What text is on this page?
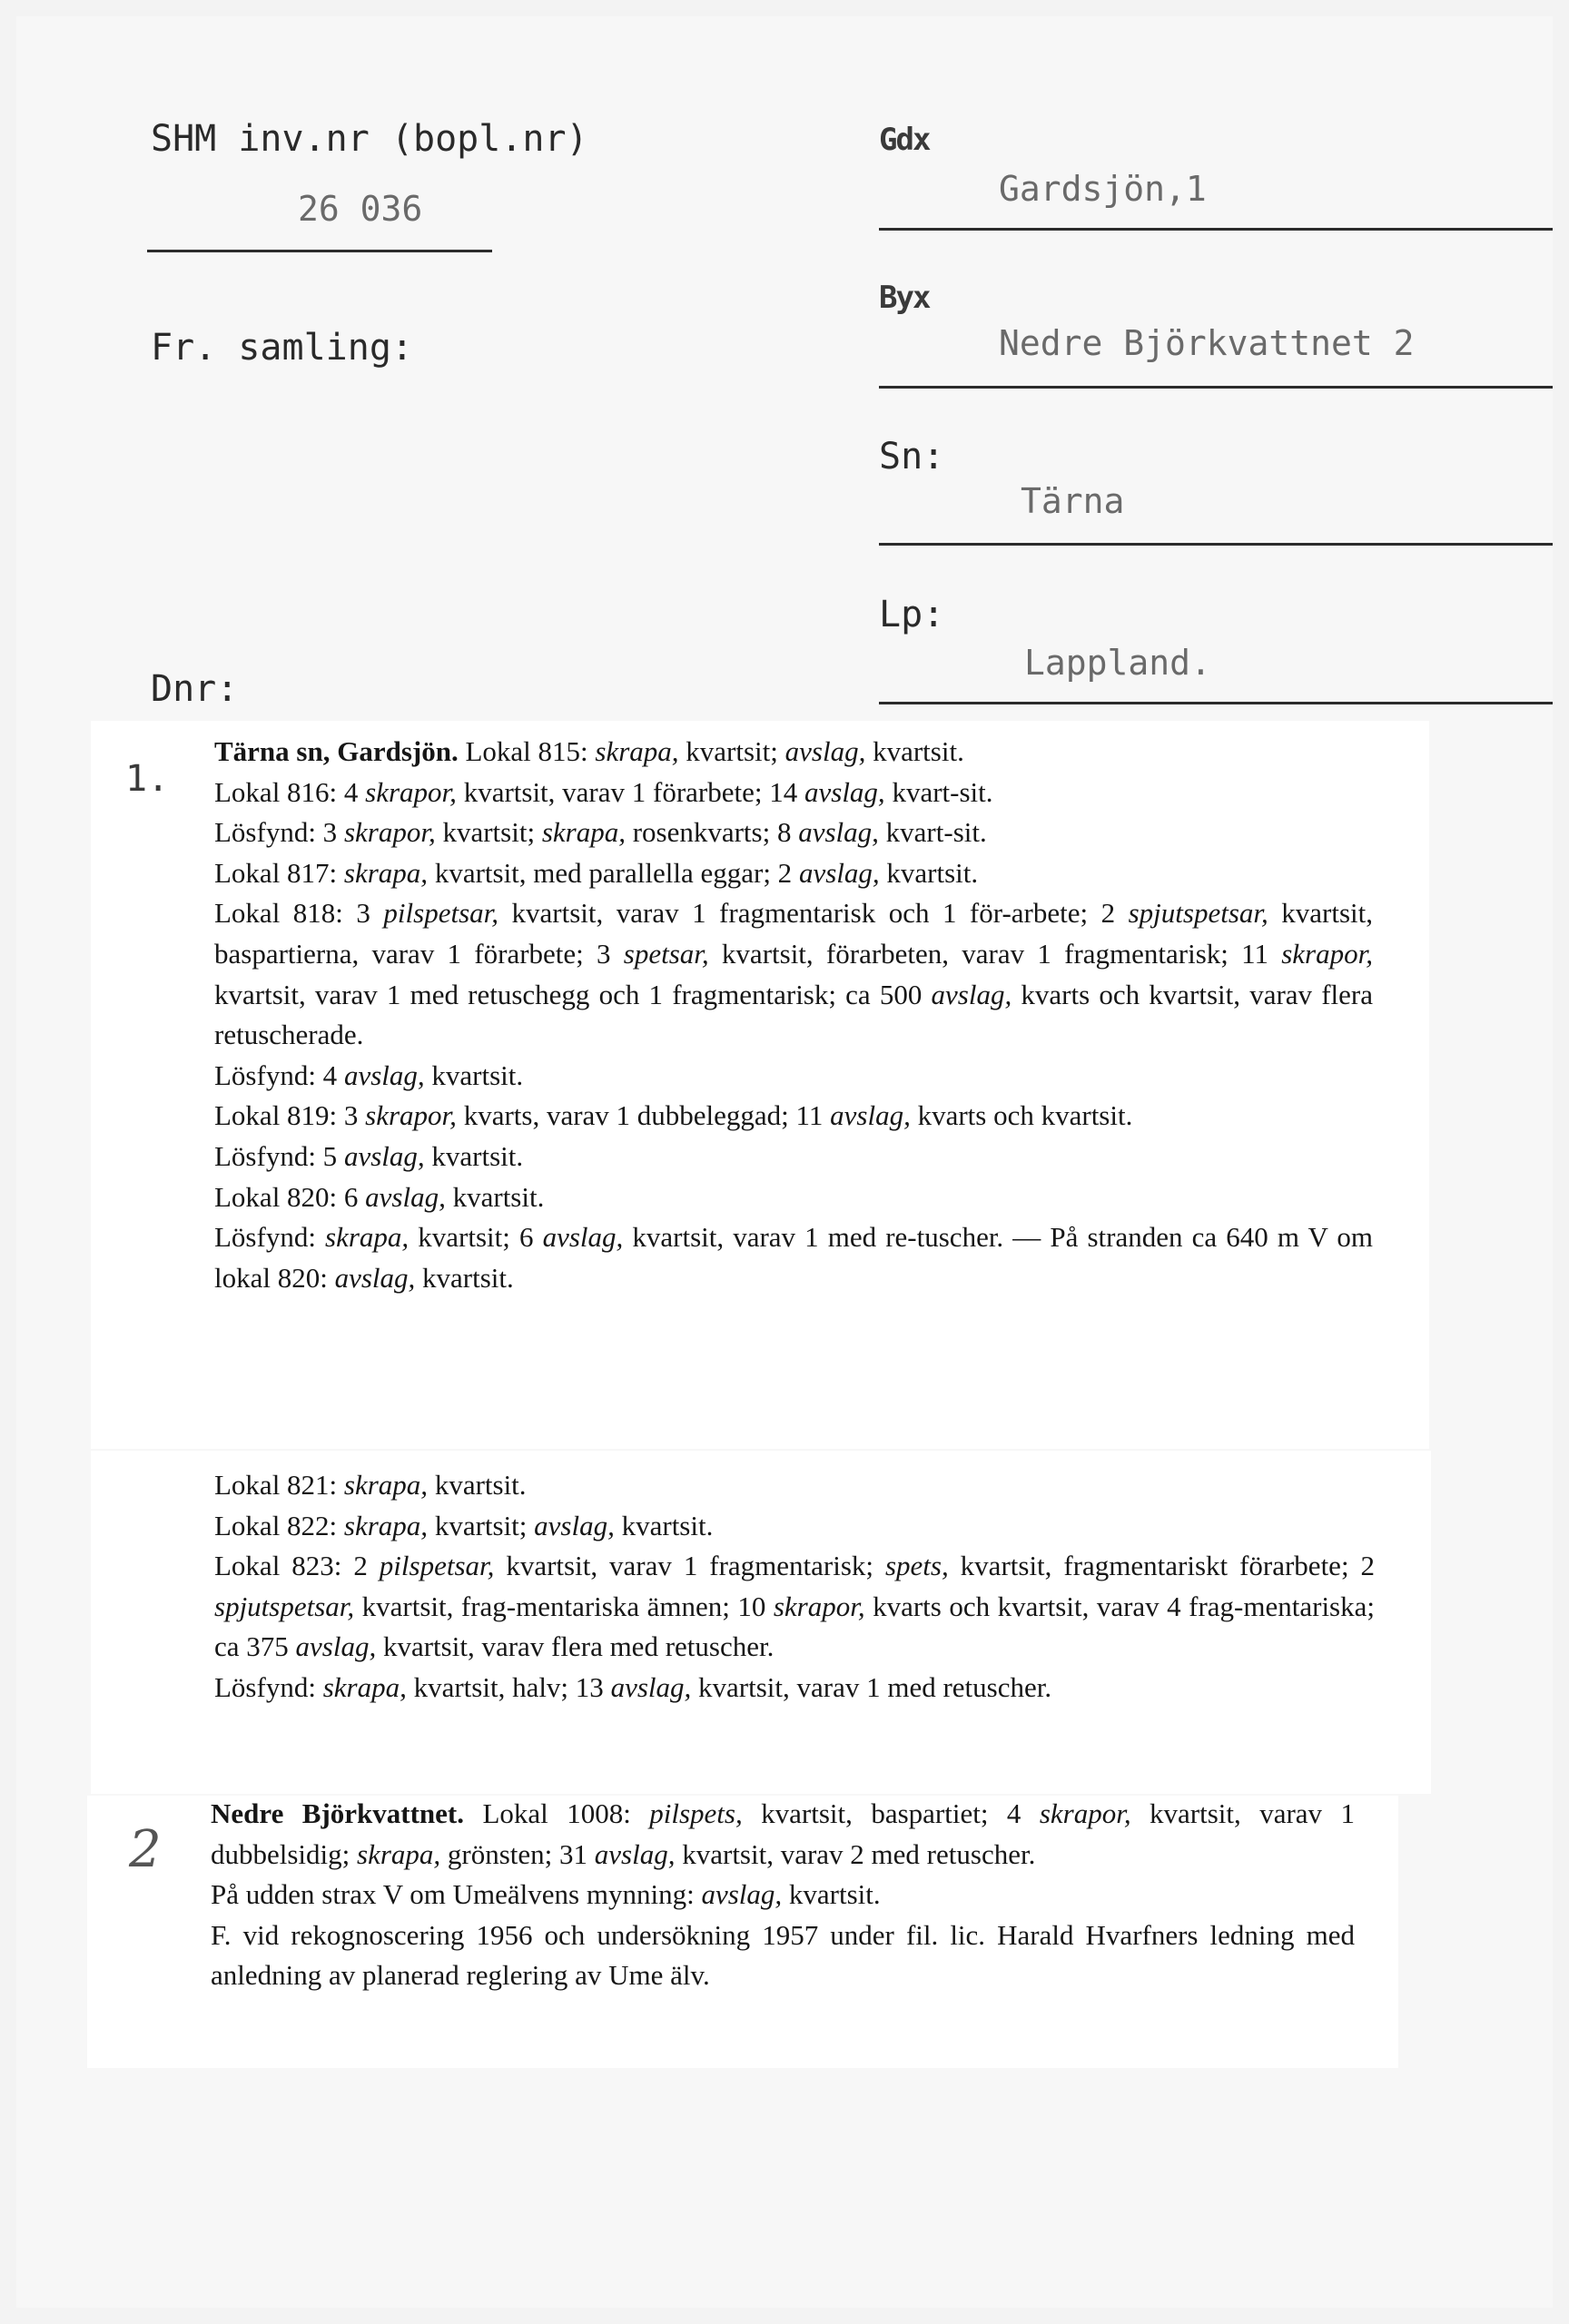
SHM inv.nr (bopl.nr)
26 036
Fr. samling:
Dnr:
Gdx
Gardsjön,1
Byx
Nedre Björkvattnet 2
Sn:
Tärna
Lp:
Lappland.
1.

Tärna sn, Gardsjön. Lokal 815: skrapa, kvartsit; avslag, kvartsit.

Lokal 816: 4 skrapor, kvartsit, varav 1 förarbete; 14 avslag, kvart-sit.

Lösfynd: 3 skrapor, kvartsit; skrapa, rosenkvarts; 8 avslag, kvart-sit.

Lokal 817: skrapa, kvartsit, med parallella eggar; 2 avslag, kvartsit.

Lokal 818: 3 pilspetsar, kvartsit, varav 1 fragmentarisk och 1 för-arbete; 2 spjutspetsar, kvartsit, baspartierna, varav 1 förarbete; 3 spetsar, kvartsit, förarbeten, varav 1 fragmentarisk; 11 skrapor, kvartsit, varav 1 med retuschegg och 1 fragmentarisk; ca 500 avslag, kvarts och kvartsit, varav flera retuscherade.

Lösfynd: 4 avslag, kvartsit.

Lokal 819: 3 skrapor, kvarts, varav 1 dubbeleggad; 11 avslag, kvarts och kvartsit.

Lösfynd: 5 avslag, kvartsit.

Lokal 820: 6 avslag, kvartsit.

Lösfynd: skrapa, kvartsit; 6 avslag, kvartsit, varav 1 med re-tuscher. — På stranden ca 640 m V om lokal 820: avslag, kvartsit.

Lokal 821: skrapa, kvartsit.

Lokal 822: skrapa, kvartsit; avslag, kvartsit.

Lokal 823: 2 pilspetsar, kvartsit, varav 1 fragmentarisk; spets, kvartsit, fragmentariskt förarbete; 2 spjutspetsar, kvartsit, frag-mentariska ämnen; 10 skrapor, kvarts och kvartsit, varav 4 frag-mentariska; ca 375 avslag, kvartsit, varav flera med retuscher.

Lösfynd: skrapa, kvartsit, halv; 13 avslag, kvartsit, varav 1 med retuscher.

2

Nedre Björkvattnet. Lokal 1008: pilspets, kvartsit, baspartiet; 4 skrapor, kvartsit, varav 1 dubbelsidig; skrapa, grönsten; 31 avslag, kvartsit, varav 2 med retuscher.

På udden strax V om Umeälvens mynning: avslag, kvartsit.

F. vid rekognoscering 1956 och undersökning 1957 under fil. lic. Harald Hvarfners ledning med anledning av planerad reglering av Ume älv.
